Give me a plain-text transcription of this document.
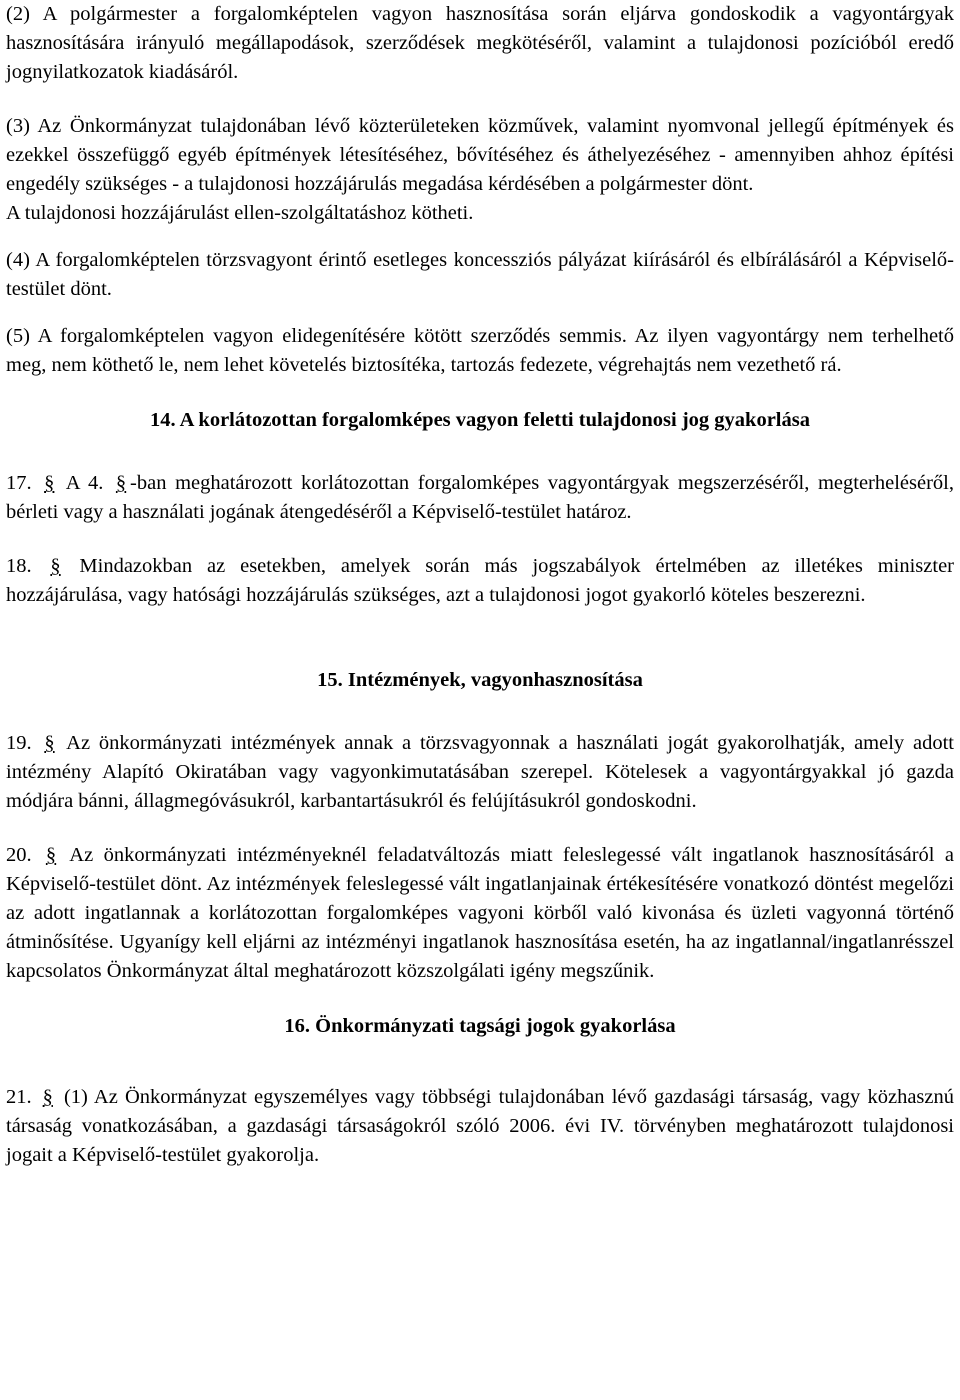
(2) A polgármester a forgalomképtelen vagyon hasznosítása során eljárva gondoskodik a vagyontárgyak hasznosítására irányuló megállapodások, szerződések megkötéséről, valamint a tulajdonosi pozícióból eredő jognyilatkozatok kiadásáról.

(3) Az Önkormányzat tulajdonában lévő közterületeken közművek, valamint nyomvonal jellegű építmények és ezekkel összefüggő egyéb építmények létesítéséhez, bővítéséhez és áthelyezéséhez - amennyiben ahhoz építési engedély szükséges - a tulajdonosi hozzájárulás megadása kérdésében a polgármester dönt.

A tulajdonosi hozzájárulást ellen-szolgáltatáshoz kötheti.

(4) A forgalomképtelen törzsvagyont érintő esetleges koncessziós pályázat kiírásáról és elbírálásáról a Képviselő-testület dönt.

(5) A forgalomképtelen vagyon elidegenítésére kötött szerződés semmis. Az ilyen vagyontárgy nem terhelhető meg, nem köthető le, nem lehet követelés biztosítéka, tartozás fedezete, végrehajtás nem vezethető rá.

14. A korlátozottan forgalomképes vagyon feletti tulajdonosi jog gyakorlása

17. § A 4. § -ban meghatározott korlátozottan forgalomképes vagyontárgyak megszerzéséről, megterheléséről, bérleti vagy a használati jogának átengedéséről a Képviselő-testület határoz.

18. § Mindazokban az esetekben, amelyek során más jogszabályok értelmében az illetékes miniszter hozzájárulása, vagy hatósági hozzájárulás szükséges, azt a tulajdonosi jogot gyakorló köteles beszerezni.

15. Intézmények, vagyonhasznosítása

19. § Az önkormányzati intézmények annak a törzsvagyonnak a használati jogát gyakorolhatják, amely adott intézmény Alapító Okiratában vagy vagyonkimutatásában szerepel. Kötelesek a vagyontárgyakkal jó gazda módjára bánni, állagmegóvásukról, karbantartásukról és felújításukról gondoskodni.

20. § Az önkormányzati intézményeknél feladatváltozás miatt feleslegessé vált ingatlanok hasznosításáról a Képviselő-testület dönt. Az intézmények feleslegessé vált ingatlanjainak értékesítésére vonatkozó döntést megelőzi az adott ingatlannak a korlátozottan forgalomképes vagyoni körből való kivonása és üzleti vagyonná történő átminősítése. Ugyanígy kell eljárni az intézményi ingatlanok hasznosítása esetén, ha az ingatlannal/ingatlanrésszel kapcsolatos Önkormányzat által meghatározott közszolgálati igény megszűnik.

16. Önkormányzati tagsági jogok gyakorlása

21. § (1) Az Önkormányzat egyszemélyes vagy többségi tulajdonában lévő gazdasági társaság, vagy közhasznú társaság vonatkozásában, a gazdasági társaságokról szóló 2006. évi IV. törvényben meghatározott tulajdonosi jogait a Képviselő-testület gyakorolja.
